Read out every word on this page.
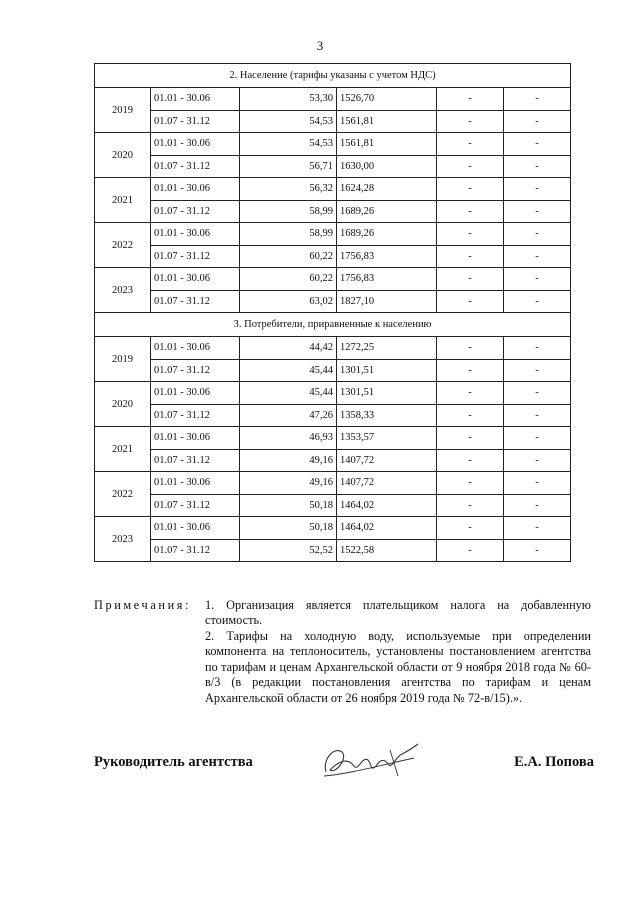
3
2. Население (тарифы указаны с учетом НДС)					
2019	01.01 - 30.06	53,30	1526,70	-	-
	01.07 - 31.12	54,53	1561,81	-	-
2020	01.01 - 30.06	54,53	1561,81	-	-
	01.07 - 31.12	56,71	1630,00	-	-
2021	01.01 - 30.06	56,32	1624,28	-	-
	01.07 - 31.12	58,99	1689,26	-	-
2022	01.01 - 30.06	58,99	1689,26	-	-
	01.07 - 31.12	60,22	1756,83	-	-
2023	01.01 - 30.06	60,22	1756,83	-	-
	01.07 - 31.12	63,02	1827,10	-	-
3. Потребители, приравненные к населению					
2019	01.01 - 30.06	44,42	1272,25	-	-
	01.07 - 31.12	45,44	1301,51	-	-
2020	01.01 - 30.06	45,44	1301,51	-	-
	01.07 - 31.12	47,26	1358,33	-	-
2021	01.01 - 30.06	46,93	1353,57	-	-
	01.07 - 31.12	49,16	1407,72	-	-
2022	01.01 - 30.06	49,16	1407,72	-	-
	01.07 - 31.12	50,18	1464,02	-	-
2023	01.01 - 30.06	50,18	1464,02	-	-
	01.07 - 31.12	52,52	1522,58	-	-
Примечания: 1. Организация является плательщиком налога на добавленную стоимость.
2. Тарифы на холодную воду, используемые при определении компонента на теплоноситель, установлены постановлением агентства по тарифам и ценам Архангельской области от 9 ноября 2018 года № 60-в/3 (в редакции постановления агентства по тарифам и ценам Архангельской области от 26 ноября 2019 года № 72-в/15).».
Руководитель агентства	Е.А. Попова
